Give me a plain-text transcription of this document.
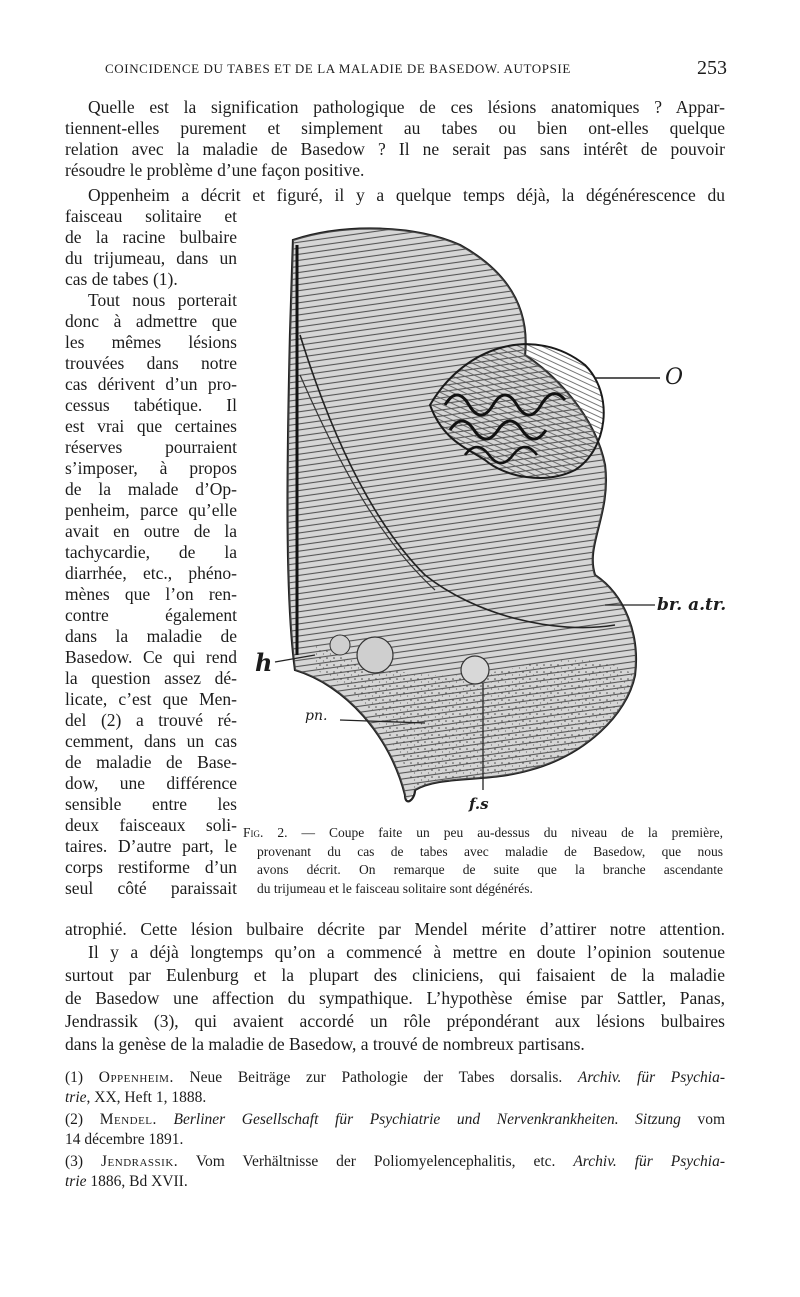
COINCIDENCE DU TABES ET DE LA MALADIE DE BASEDOW. AUTOPSIE	253
Quelle est la signification pathologique de ces lésions anatomiques ? Appar-
tiennent-elles purement et simplement au tabes ou bien ont-elles quelque
relation avec la maladie de Basedow ? Il ne serait pas sans intérêt de pouvoir
résoudre le problème d’une façon positive.
Oppenheim a décrit et figuré, il y a quelque temps déjà, la dégénérescence du
faisceau solitaire et
de la racine bulbaire
du trijumeau, dans un
cas de tabes (1).
Tout nous porterait
donc à admettre que
les mêmes lésions
trouvées dans notre
cas dérivent d’un pro-
cessus tabétique. Il
est vrai que certaines
réserves pourraient
s’imposer, à propos
de la malade d’Op-
penheim, parce qu’elle
avait en outre de la
tachycardie, de la
diarrhée, etc., phéno-
mènes que l’on ren-
contre également
dans la maladie de
Basedow. Ce qui rend
la question assez dé-
licate, c’est que Men-
del (2) a trouvé ré-
cemment, dans un cas
de maladie de Base-
dow, une différence
sensible entre les
deux faisceaux soli-
taires. D’autre part, le
corps restiforme d’un
seul côté paraissait
O
br. a.tr.
h
pn.
f.s
Fig. 2. — Coupe faite un peu au-dessus du niveau de la première,
provenant du cas de tabes avec maladie de Basedow, que nous
avons décrit. On remarque de suite que la branche ascendante
du trijumeau et le faisceau solitaire sont dégénérés.
atrophié. Cette lésion bulbaire décrite par Mendel mérite d’attirer notre attention.
Il y a déjà longtemps qu’on a commencé à mettre en doute l’opinion soutenue
surtout par Eulenburg et la plupart des cliniciens, qui faisaient de la maladie
de Basedow une affection du sympathique. L’hypothèse émise par Sattler, Panas,
Jendrassik (3), qui avaient accordé un rôle prépondérant aux lésions bulbaires
dans la genèse de la maladie de Basedow, a trouvé de nombreux partisans.
(1) Oppenheim. Neue Beiträge zur Pathologie der Tabes dorsalis. Archiv. für Psychia-
trie, XX, Heft 1, 1888.
(2) Mendel. Berliner Gesellschaft für Psychiatrie und Nervenkrankheiten. Sitzung vom
14 décembre 1891.
(3) Jendrassik. Vom Verhältnisse der Poliomyelencephalitis, etc. Archiv. für Psychia-
trie 1886, Bd XVII.
